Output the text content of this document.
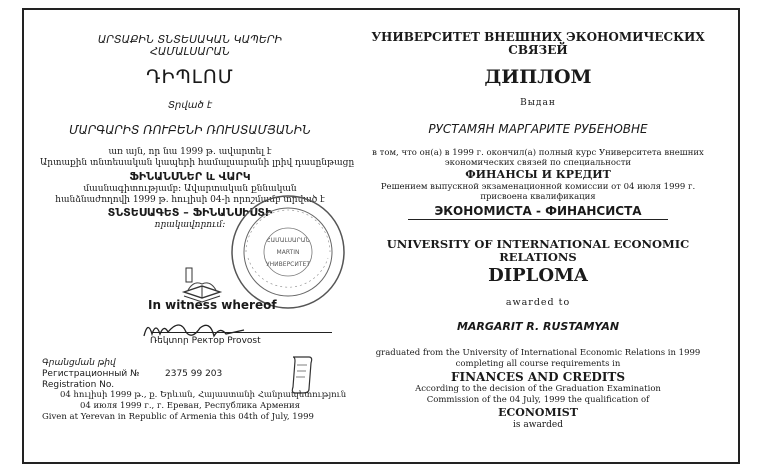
ԱՐՏԱՔԻՆ ՏՆՏԵՍԱԿԱՆ ԿԱՊԵՐԻ
ՀԱՄԱԼՍԱՐԱՆ
ԴԻՊԼՈՄ
Տրված է
ՄԱՐԳԱՐԻՏ ՌՈՒԲԵՆԻ ՌՈՒՍՏԱՄՅԱՆԻՆ
առ այն, որ նա 1999 թ. ավարտել է
Արտաքին տնտեսական կապերի համալսարանի լրիվ դասընթացը
ՖԻՆԱՆՍՆԵՐ և ՎԱՐԿ
մասնագիտությամբ։ Ավարտական քննական
հանձնաժողովի 1999 թ. հուլիսի 04-ի որոշմամբ տրված է
ՏՆՏԵՍԱԳԵՏ – ՖԻՆԱՆՍԻՍՏԻ
որակավորում։
ՀԱՄԱԼՍԱՐԱՆ
MARTIN
УНИВЕРСИТЕТ
In witness whereof
Ռեկտոր Ректор Provost
Գրանցման թիվ
Регистрационный №	2375 99 203
Registration No.
04 հուլիսի 1999 թ., ք. Երևան, Հայաստանի Հանրապետություն
04 июля 1999 г., г. Ереван, Республика Армения
Given at Yerevan in Republic of Armenia this 04th of July, 1999
УНИВЕРСИТЕТ ВНЕШНИХ ЭКОНОМИЧЕСКИХ
СВЯЗЕЙ
ДИПЛОМ
Выдан
РУСТАМЯН МАРГАРИТЕ РУБЕНОВНЕ
в том, что он(а) в 1999 г. окончил(а) полный курс Университета внешних
экономических связей по специальности
ФИНАНСЫ И КРЕДИТ
Решением выпускной экзаменационной комиссии от 04 июля 1999 г.
присвоена квалификация
ЭКОНОМИСТА - ФИНАНСИСТА
UNIVERSITY OF INTERNATIONAL ECONOMIC
RELATIONS
DIPLOMA
awarded to
MARGARIT R. RUSTAMYAN
graduated from the University of International Economic Relations in 1999
completing all course requirements in
FINANCES AND CREDITS
According to the decision of the Graduation Examination
Commission of the 04 July, 1999 the qualification of
ECONOMIST
is awarded
